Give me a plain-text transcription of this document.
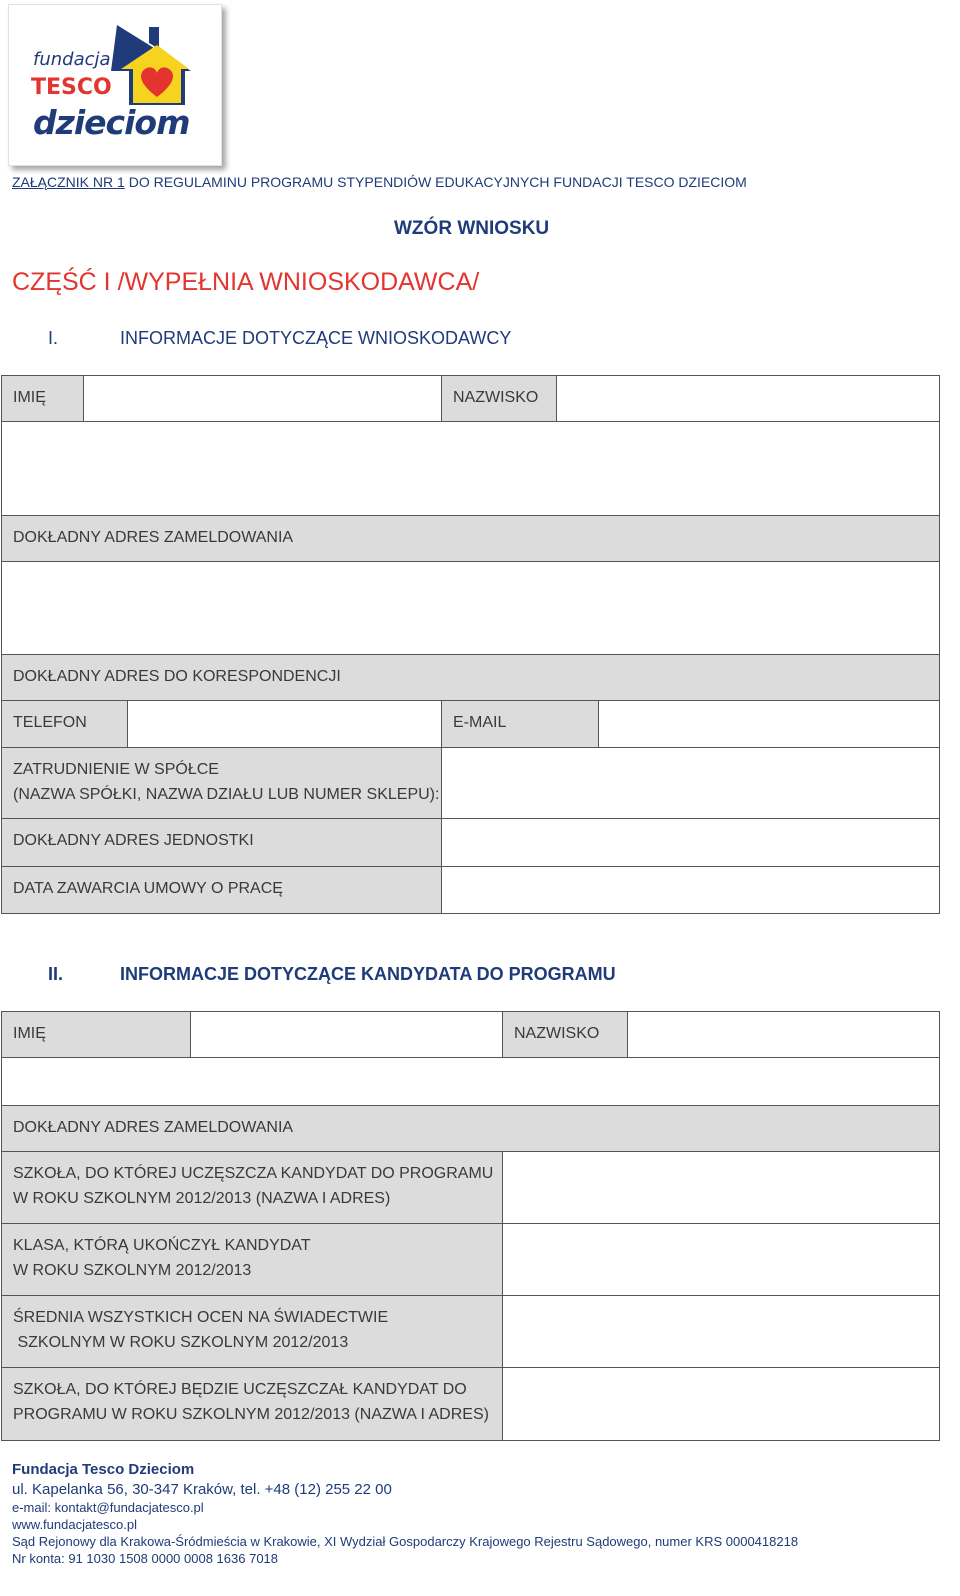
fundacja
TESCO
dzieciom
ZAŁĄCZNIK NR 1 DO REGULAMINU PROGRAMU STYPENDIÓW EDUKACYJNYCH FUNDACJI TESCO DZIECIOM
WZÓR WNIOSKU
CZĘŚĆ I /WYPEŁNIA WNIOSKODAWCA/
I.	INFORMACJE DOTYCZĄCE WNIOSKODAWCY
IMIĘ	NAZWISKO
DOKŁADNY ADRES ZAMELDOWANIA
DOKŁADNY ADRES DO KORESPONDENCJI
TELEFON	E-MAIL
ZATRUDNIENIE W SPÓŁCE
(NAZWA SPÓŁKI, NAZWA DZIAŁU LUB NUMER SKLEPU):
DOKŁADNY ADRES JEDNOSTKI
DATA ZAWARCIA UMOWY O PRACĘ
II.	INFORMACJE DOTYCZĄCE KANDYDATA DO PROGRAMU
IMIĘ	NAZWISKO
DOKŁADNY ADRES ZAMELDOWANIA
SZKOŁA, DO KTÓREJ UCZĘSZCZA KANDYDAT DO PROGRAMU
W ROKU SZKOLNYM 2012/2013 (NAZWA I ADRES)
KLASA, KTÓRĄ UKOŃCZYŁ KANDYDAT
W ROKU SZKOLNYM 2012/2013
ŚREDNIA WSZYSTKICH OCEN NA ŚWIADECTWIE
SZKOLNYM W ROKU SZKOLNYM 2012/2013
SZKOŁA, DO KTÓREJ BĘDZIE UCZĘSZCZAŁ KANDYDAT DO
PROGRAMU W ROKU SZKOLNYM 2012/2013 (NAZWA I ADRES)
Fundacja Tesco Dzieciom
ul. Kapelanka 56, 30-347 Kraków, tel. +48 (12) 255 22 00
e-mail: kontakt@fundacjatesco.pl
www.fundacjatesco.pl
Sąd Rejonowy dla Krakowa-Śródmieścia w Krakowie, XI Wydział Gospodarczy Krajowego Rejestru Sądowego, numer KRS 0000418218
Nr konta: 91 1030 1508 0000 0008 1636 7018
